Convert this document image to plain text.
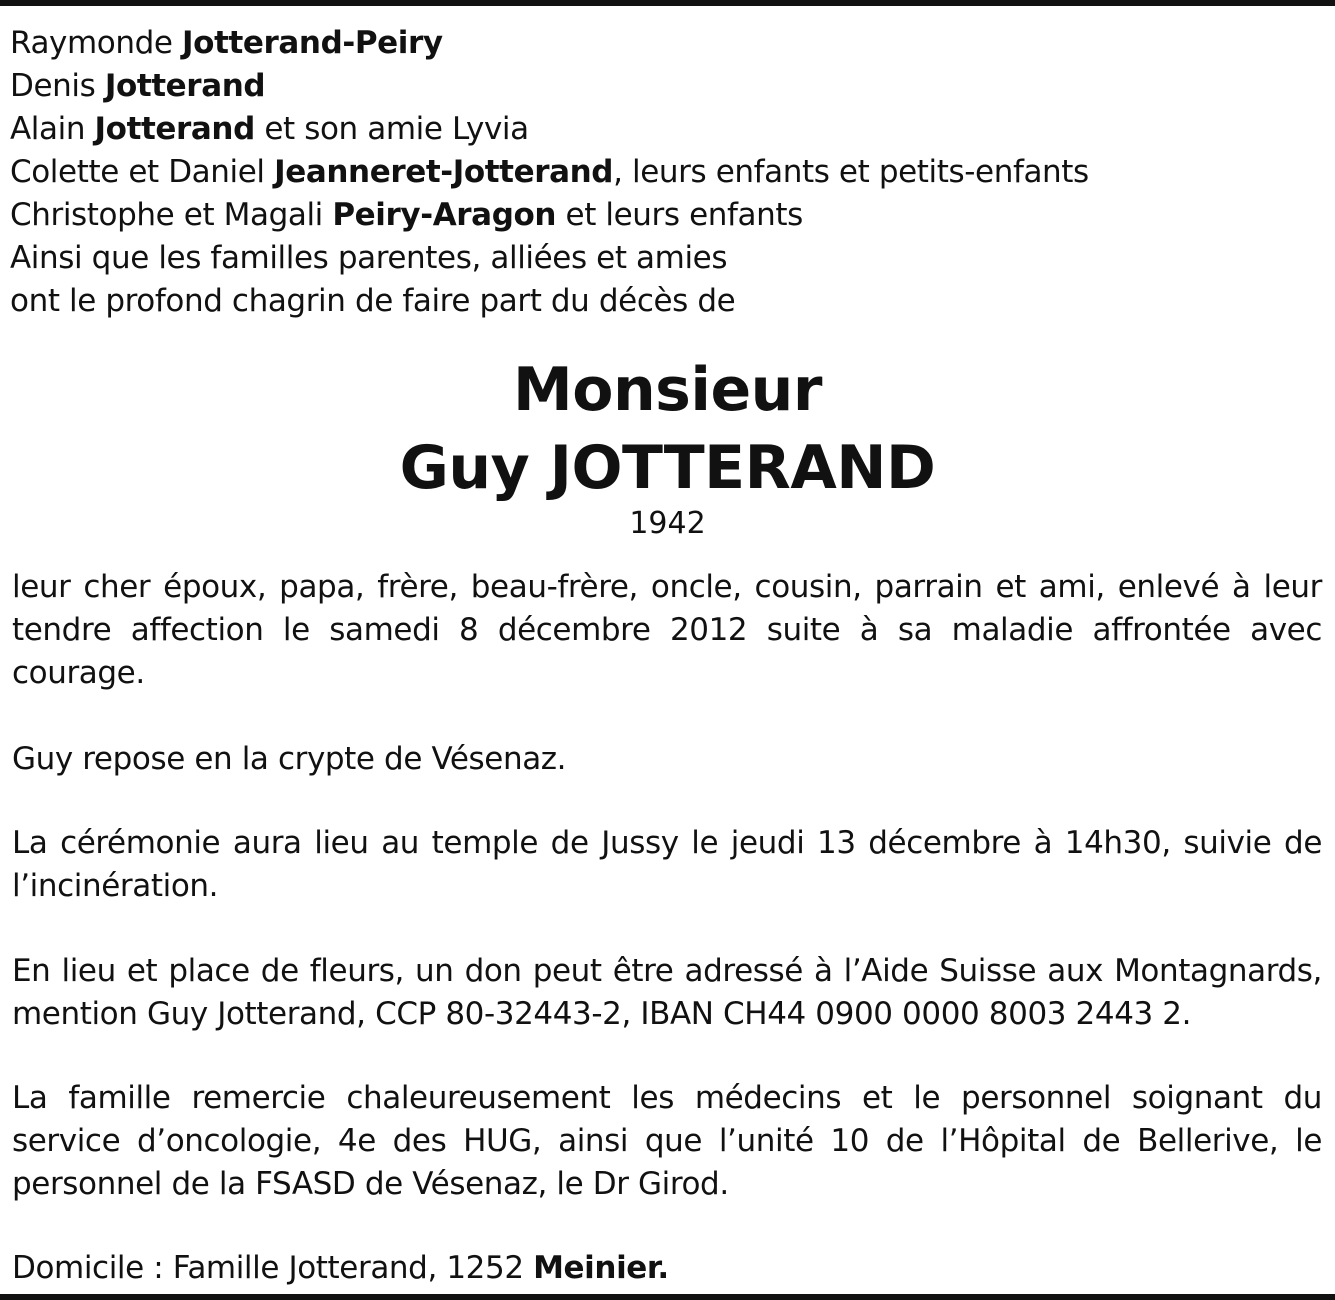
Raymonde Jotterand-Peiry
Denis Jotterand
Alain Jotterand et son amie Lyvia
Colette et Daniel Jeanneret-Jotterand, leurs enfants et petits-enfants
Christophe et Magali Peiry-Aragon et leurs enfants
Ainsi que les familles parentes, alliées et amies
ont le profond chagrin de faire part du décès de
Monsieur
Guy JOTTERAND
1942

leur cher époux, papa, frère, beau-frère, oncle, cousin, parrain et ami, enlevé à leur tendre affection le samedi 8 décembre 2012 suite à sa maladie affrontée avec courage.

Guy repose en la crypte de Vésenaz.

La cérémonie aura lieu au temple de Jussy le jeudi 13 décembre à 14h30, suivie de l’incinération.

En lieu et place de fleurs, un don peut être adressé à l’Aide Suisse aux Montagnards, mention Guy Jotterand, CCP 80-32443-2, IBAN CH44 0900 0000 8003 2443 2.

La famille remercie chaleureusement les médecins et le personnel soignant du service d’oncologie, 4e des HUG, ainsi que l’unité 10 de l’Hôpital de Bellerive, le personnel de la FSASD de Vésenaz, le Dr Girod.

Domicile : Famille Jotterand, 1252 Meinier.
